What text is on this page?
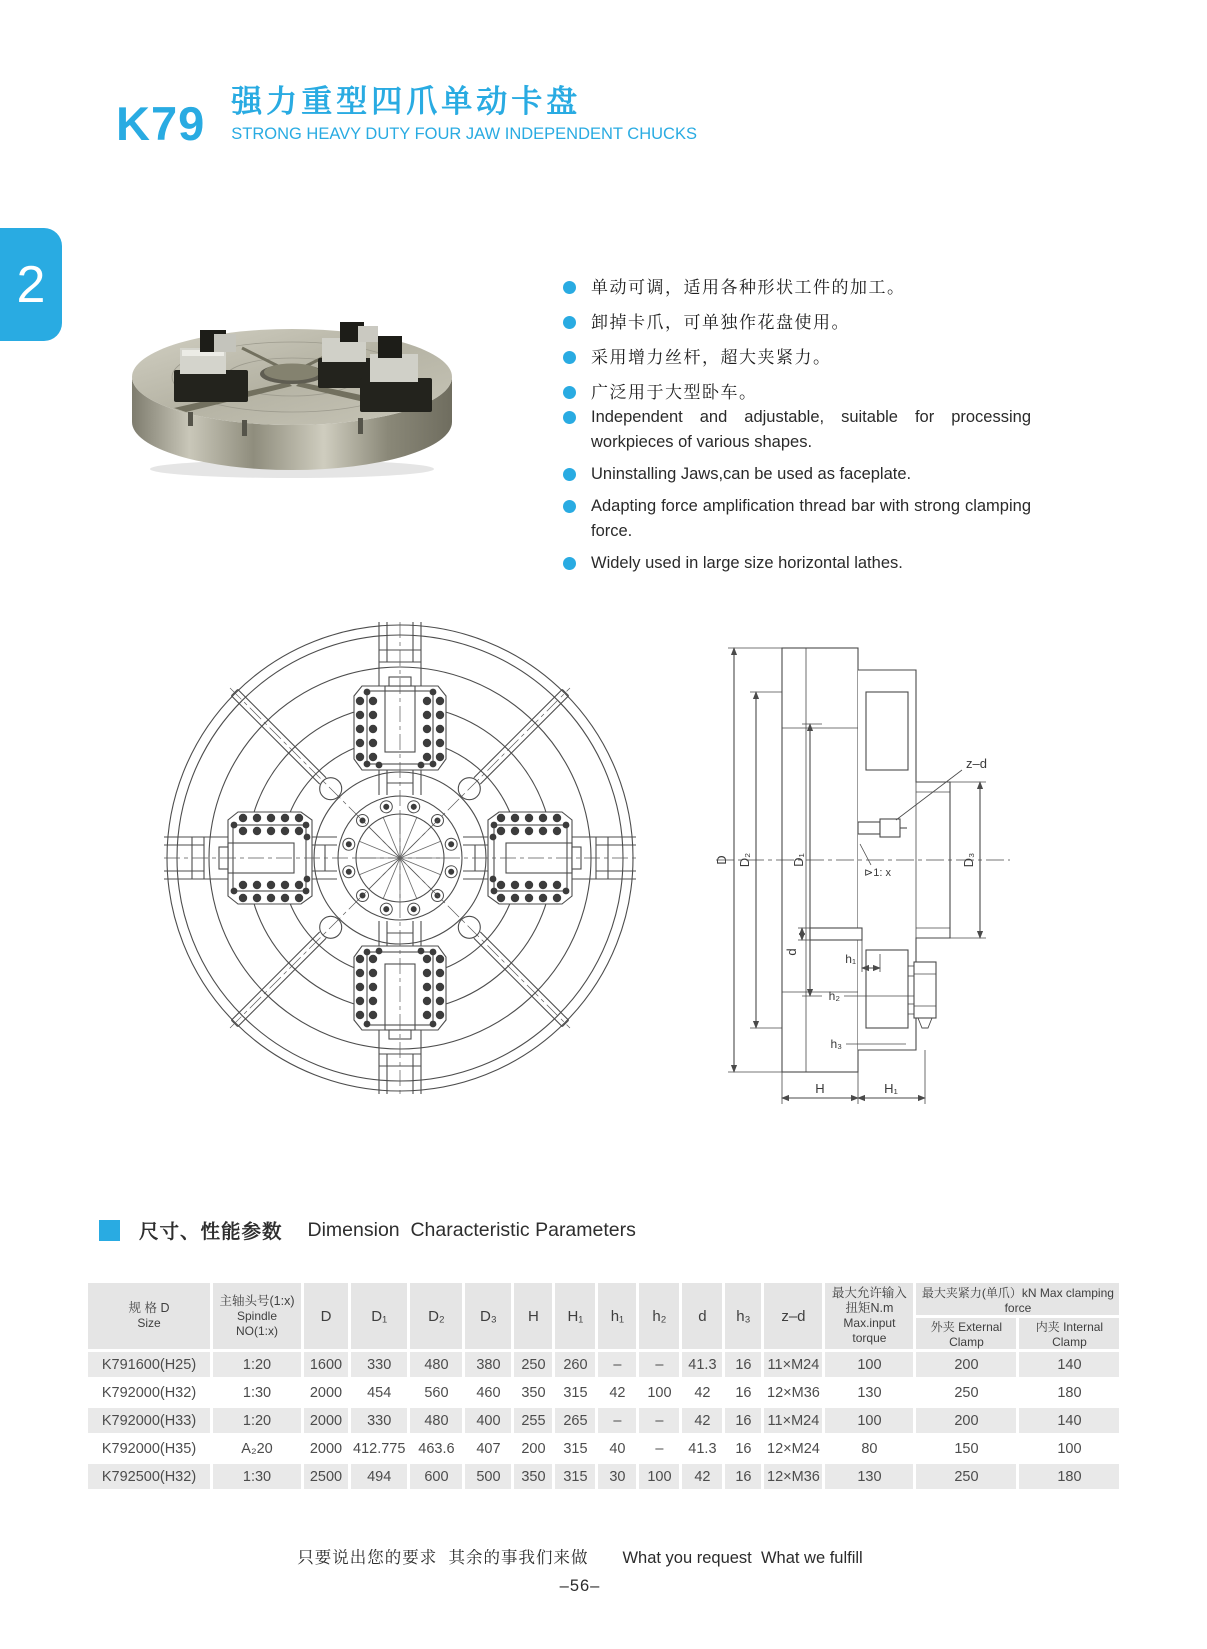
2
K79 强力重型四爪单动卡盘
STRONG HEAVY DUTY FOUR JAW INDEPENDENT CHUCKS
单动可调，适用各种形状工件的加工。
卸掉卡爪，可单独作花盘使用。
采用增力丝杆，超大夹紧力。
广泛用于大型卧车。
Independent and adjustable, suitable for processing workpieces of various shapes.
Uninstalling Jaws,can be used as faceplate.
Adapting force amplification thread bar with strong clamping force.
Widely used in large size horizontal lathes.
z–d
⊳1: x
D D₂	D₁	D₃
d	h₁
h₂
h₃
H	H₁
尺寸、性能参数 Dimension  Characteristic Parameters
规 格 D
Size

主轴头号(1:x)
Spindle NO(1:x)
	D	D₁	D₂	D₃	H	H₁	h₁	h₂	d	h₃	z–d	
最大允许输入扭矩N.m
Max.input torque
	最大夹紧力(单爪）kN Max clamping force
														外夹 External Clamp	内夹 Internal Clamp
K791600(H25)	1:20	1600	330	480	380	250	260	–	–	41.3	16	11×M24	100	200	140
K792000(H32)	1:30	2000	454	560	460	350	315	42	100	42	16	12×M36	130	250	180
K792000(H33)	1:20	2000	330	480	400	255	265	–	–	42	16	11×M24	100	200	140
K792000(H35)	A₂20	2000	412.775	463.6	407	200	315	40	–	41.3	16	12×M24	80	150	100
K792500(H32)	1:30	2500	494	600	500	350	315	30	100	42	16	12×M36	130	250	180
只要说出您的要求  其余的事我们来做 What you request  What we fulfill
–56–
